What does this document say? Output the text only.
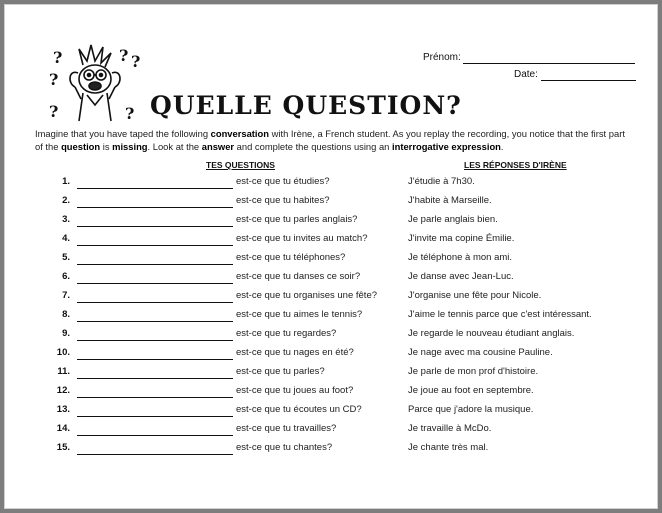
?
?
? ?
?	?
Prénom:
Date:
QUELLE QUESTION?
Imagine that you have taped the following conversation with Irène, a French student. As you replay the recording, you notice that the first part of the question is missing. Look at the answer and complete the questions using an interrogative expression.
TES QUESTIONS	LES RÉPONSES D'IRÈNE
1.	est-ce que tu étudies?	J'étudie à 7h30.
2.	est-ce que tu habites?	J'habite à Marseille.
3.	est-ce que tu parles anglais?	Je parle anglais bien.
4.	est-ce que tu invites au match?	J'invite ma copine Émilie.
5.	est-ce que tu téléphones?	Je téléphone à mon ami.
6.	est-ce que tu danses ce soir?	Je danse avec Jean-Luc.
7.	est-ce que tu organises une fête?	J'organise une fête pour Nicole.
8.	est-ce que tu aimes le tennis?	J'aime le tennis parce que c'est intéressant.
9.	est-ce que tu regardes?	Je regarde le nouveau étudiant anglais.
10.	est-ce que tu nages en été?	Je nage avec ma cousine Pauline.
11.	est-ce que tu parles?	Je parle de mon prof d'histoire.
12.	est-ce que tu joues au foot?	Je joue au foot en septembre.
13.	est-ce que tu écoutes un CD?	Parce que j'adore la musique.
14.	est-ce que tu travailles?	Je travaille à McDo.
15.	est-ce que tu chantes?	Je chante très mal.
